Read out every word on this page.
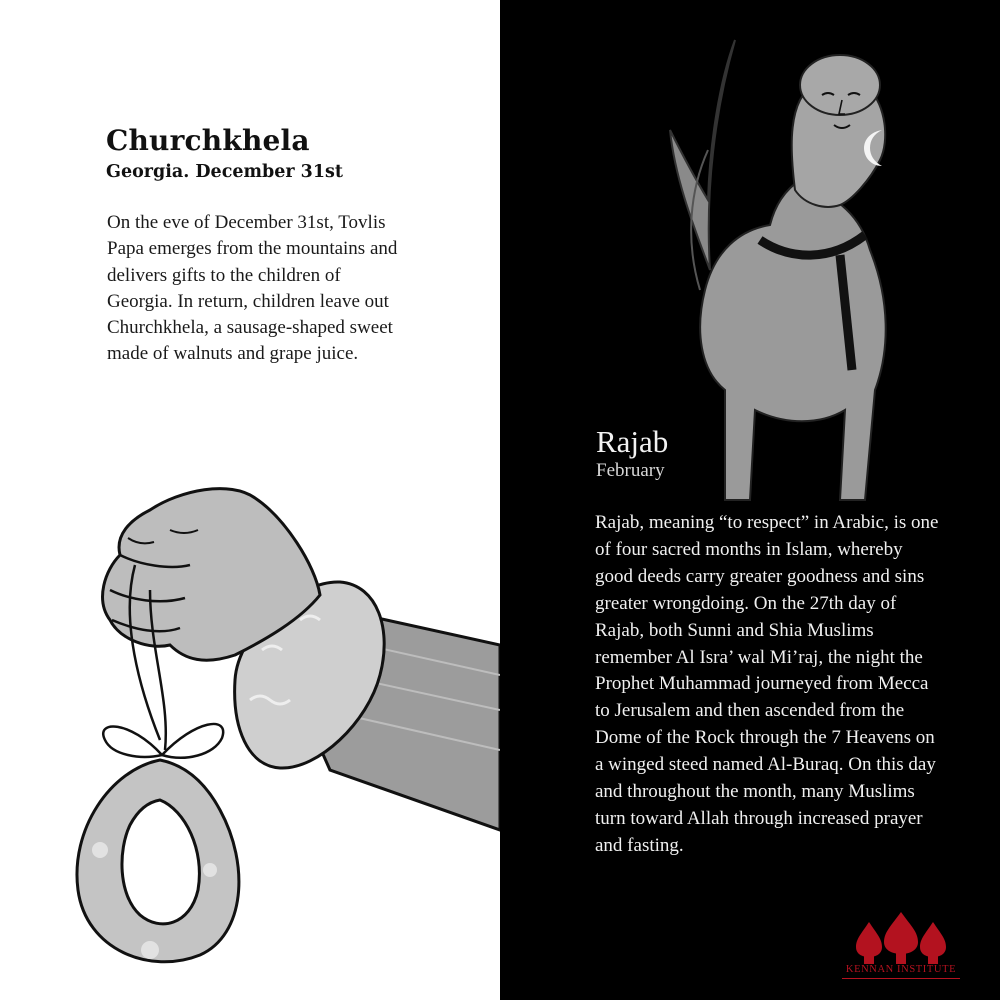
Churchkhela
Georgia. December 31st

On the eve of December 31st, Tovlis Papa emerges from the mountains and delivers gifts to the children of Georgia. In return, children leave out Churchkhela, a sausage-shaped sweet made of walnuts and grape juice.

Rajab
February

Rajab, meaning “to respect” in Arabic, is one of four sacred months in Islam, whereby good deeds carry greater goodness and sins greater wrongdoing. On the 27th day of Rajab, both Sunni and Shia Muslims remember Al Isra’ wal Mi’raj, the night the Prophet Muhammad journeyed from Mecca to Jerusalem and then ascended from the Dome of the Rock through the 7 Heavens on a winged steed named Al-Buraq. On this day and throughout the month, many Muslims turn toward Allah through increased prayer and fasting.

KENNAN INSTITUTE
